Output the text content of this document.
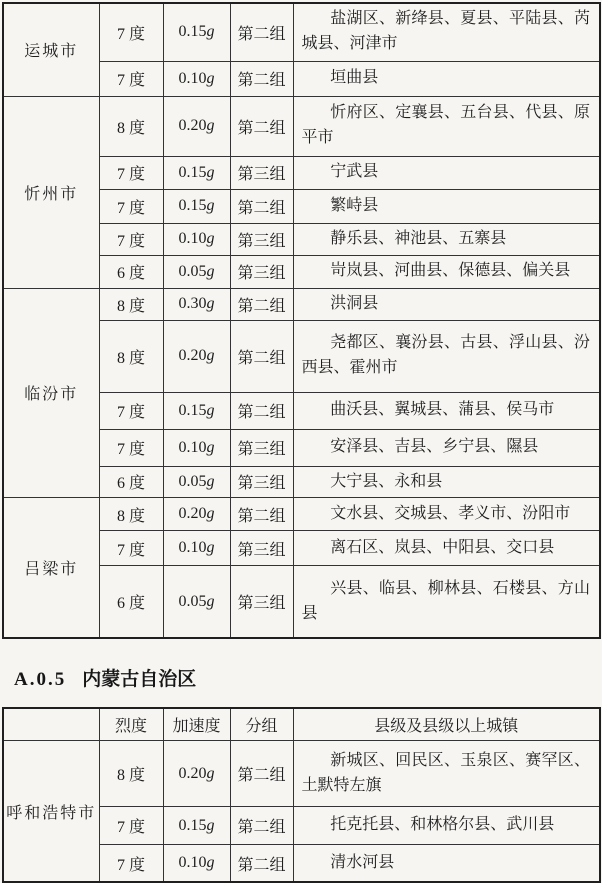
运城市	7 度	0.15g	第二组	盐湖区、新绛县、夏县、平陆县、芮城县、河津市

	7 度	0.10g	第二组	垣曲县

忻州市	8 度	0.20g	第二组	忻府区、定襄县、五台县、代县、原平市

	7 度	0.15g	第三组	宁武县

	7 度	0.15g	第二组	繁峙县

	7 度	0.10g	第三组	静乐县、神池县、五寨县

	6 度	0.05g	第三组	岢岚县、河曲县、保德县、偏关县

临汾市	8 度	0.30g	第二组	洪洞县

	8 度	0.20g	第二组	尧都区、襄汾县、古县、浮山县、汾西县、霍州市

	7 度	0.15g	第二组	曲沃县、翼城县、蒲县、侯马市

	7 度	0.10g	第三组	安泽县、吉县、乡宁县、隰县

	6 度	0.05g	第三组	大宁县、永和县

吕梁市	8 度	0.20g	第二组	文水县、交城县、孝义市、汾阳市

	7 度	0.10g	第三组	离石区、岚县、中阳县、交口县

	6 度	0.05g	第三组	兴县、临县、柳林县、石楼县、方山县

A.0.5 内蒙古自治区
	烈度	加速度	分组	县级及县级以上城镇
呼和浩特市	8 度	0.20g	第二组	新城区、回民区、玉泉区、赛罕区、土默特左旗

	7 度	0.15g	第二组	托克托县、和林格尔县、武川县

	7 度	0.10g	第二组	清水河县
